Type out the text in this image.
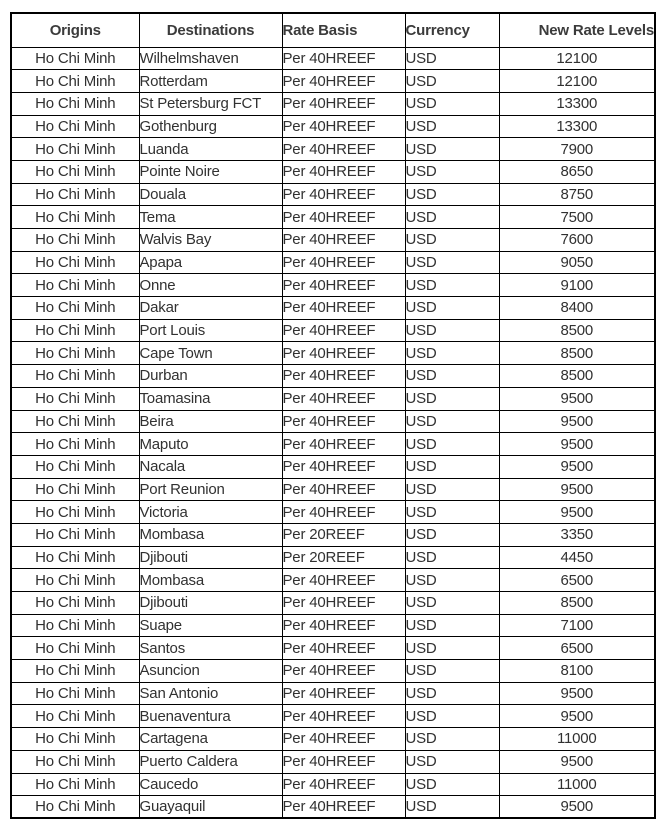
Origins	Destinations	Rate Basis	Currency	New Rate Levels
Ho Chi Minh	Wilhelmshaven	Per 40HREEF	USD	12100
Ho Chi Minh	Rotterdam	Per 40HREEF	USD	12100
Ho Chi Minh	St Petersburg FCT	Per 40HREEF	USD	13300
Ho Chi Minh	Gothenburg	Per 40HREEF	USD	13300
Ho Chi Minh	Luanda	Per 40HREEF	USD	7900
Ho Chi Minh	Pointe Noire	Per 40HREEF	USD	8650
Ho Chi Minh	Douala	Per 40HREEF	USD	8750
Ho Chi Minh	Tema	Per 40HREEF	USD	7500
Ho Chi Minh	Walvis Bay	Per 40HREEF	USD	7600
Ho Chi Minh	Apapa	Per 40HREEF	USD	9050
Ho Chi Minh	Onne	Per 40HREEF	USD	9100
Ho Chi Minh	Dakar	Per 40HREEF	USD	8400
Ho Chi Minh	Port Louis	Per 40HREEF	USD	8500
Ho Chi Minh	Cape Town	Per 40HREEF	USD	8500
Ho Chi Minh	Durban	Per 40HREEF	USD	8500
Ho Chi Minh	Toamasina	Per 40HREEF	USD	9500
Ho Chi Minh	Beira	Per 40HREEF	USD	9500
Ho Chi Minh	Maputo	Per 40HREEF	USD	9500
Ho Chi Minh	Nacala	Per 40HREEF	USD	9500
Ho Chi Minh	Port Reunion	Per 40HREEF	USD	9500
Ho Chi Minh	Victoria	Per 40HREEF	USD	9500
Ho Chi Minh	Mombasa	Per 20REEF	USD	3350
Ho Chi Minh	Djibouti	Per 20REEF	USD	4450
Ho Chi Minh	Mombasa	Per 40HREEF	USD	6500
Ho Chi Minh	Djibouti	Per 40HREEF	USD	8500
Ho Chi Minh	Suape	Per 40HREEF	USD	7100
Ho Chi Minh	Santos	Per 40HREEF	USD	6500
Ho Chi Minh	Asuncion	Per 40HREEF	USD	8100
Ho Chi Minh	San Antonio	Per 40HREEF	USD	9500
Ho Chi Minh	Buenaventura	Per 40HREEF	USD	9500
Ho Chi Minh	Cartagena	Per 40HREEF	USD	11000
Ho Chi Minh	Puerto Caldera	Per 40HREEF	USD	9500
Ho Chi Minh	Caucedo	Per 40HREEF	USD	11000
Ho Chi Minh	Guayaquil	Per 40HREEF	USD	9500
